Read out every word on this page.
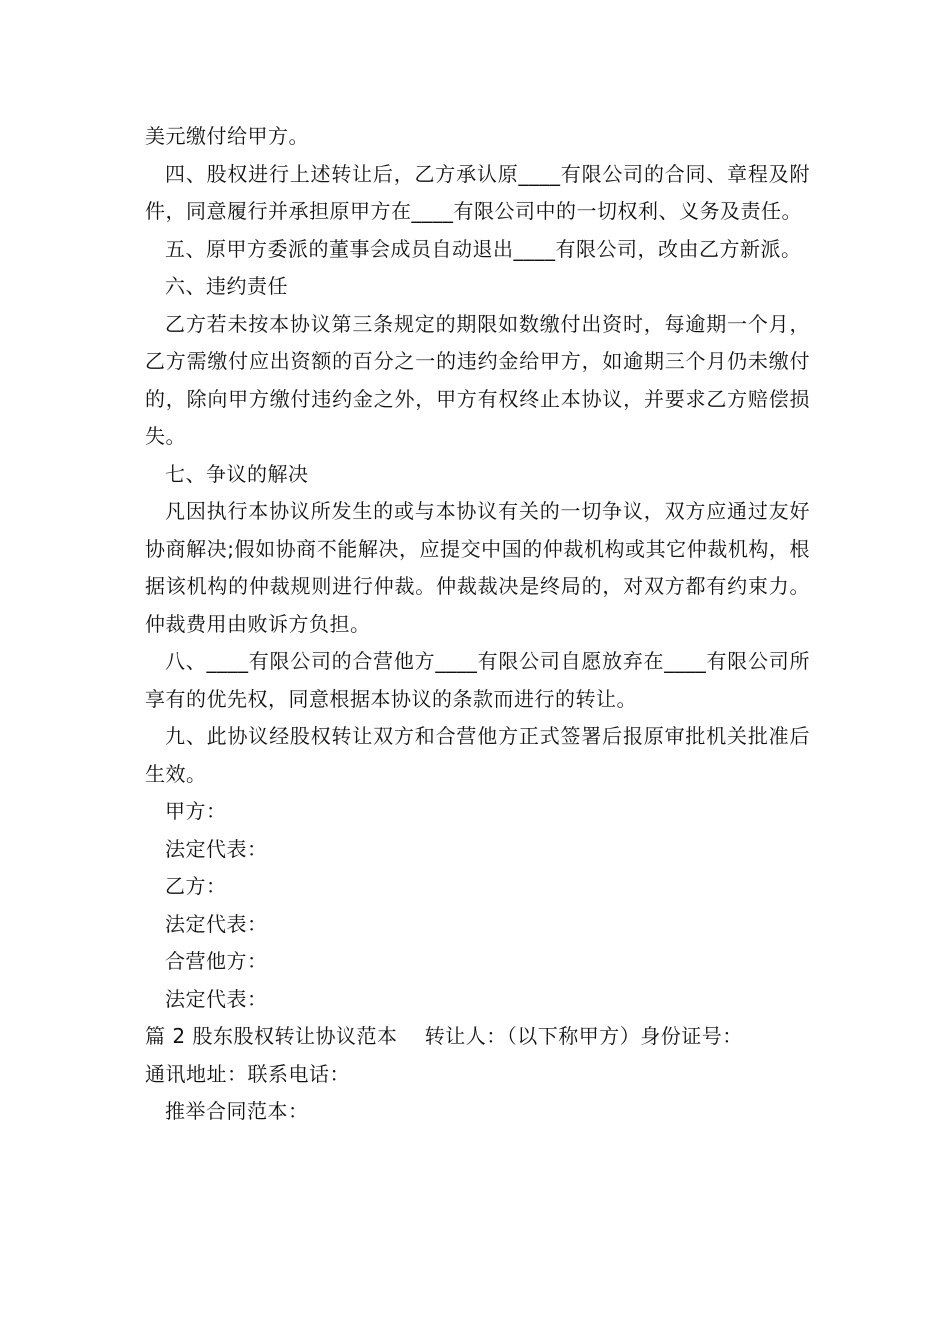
美元缴付给甲方。

四、股权进行上述转让后，乙方承认原____有限公司的合同、章程及附件，同意履行并承担原甲方在____有限公司中的一切权利、义务及责任。

五、原甲方委派的董事会成员自动退出____有限公司，改由乙方新派。

六、违约责任

乙方若未按本协议第三条规定的期限如数缴付出资时，每逾期一个月，乙方需缴付应出资额的百分之一的违约金给甲方，如逾期三个月仍未缴付的，除向甲方缴付违约金之外，甲方有权终止本协议，并要求乙方赔偿损失。

七、争议的解决

凡因执行本协议所发生的或与本协议有关的一切争议，双方应通过友好协商解决;假如协商不能解决，应提交中国的仲裁机构或其它仲裁机构，根据该机构的仲裁规则进行仲裁。仲裁裁决是终局的，对双方都有约束力。仲裁费用由败诉方负担。

八、____有限公司的合营他方____有限公司自愿放弃在____有限公司所享有的优先权，同意根据本协议的条款而进行的转让。

九、此协议经股权转让双方和合营他方正式签署后报原审批机关批准后生效。

甲方：

法定代表：

乙方：

法定代表：

合营他方：

法定代表：

篇 2 股东股权转让协议范本　 转让人：（以下称甲方）身份证号：

通讯地址：联系电话：

推举合同范本：
